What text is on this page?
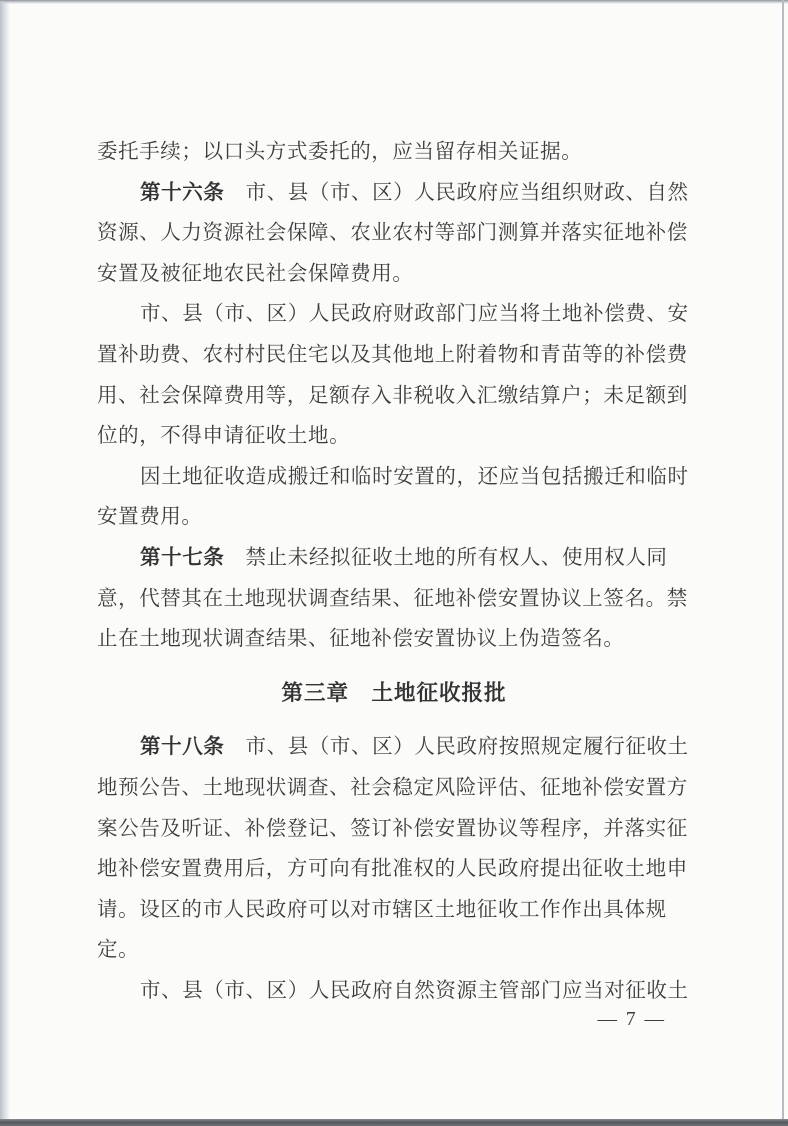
委托手续；以口头方式委托的，应当留存相关证据。
第十六条　 市、县（市、区）人民政府应当组织财政、自然
资源、人力资源社会保障、农业农村等部门测算并落实征地补偿
安置及被征地农民社会保障费用。
市、县（市、区）人民政府财政部门应当将土地补偿费、安
置补助费、农村村民住宅以及其他地上附着物和青苗等的补偿费
用、社会保障费用等，足额存入非税收入汇缴结算户；未足额到
位的，不得申请征收土地。
因土地征收造成搬迁和临时安置的，还应当包括搬迁和临时
安置费用。
第十七条　 禁止未经拟征收土地的所有权人、使用权人同
意，代替其在土地现状调查结果、征地补偿安置协议上签名。禁
止在土地现状调查结果、征地补偿安置协议上伪造签名。
第三章　土地征收报批
第十八条　 市、县（市、区）人民政府按照规定履行征收土
地预公告、土地现状调查、社会稳定风险评估、征地补偿安置方
案公告及听证、补偿登记、签订补偿安置协议等程序，并落实征
地补偿安置费用后，方可向有批准权的人民政府提出征收土地申
请。设区的市人民政府可以对市辖区土地征收工作作出具体规
定。
市、县（市、区）人民政府自然资源主管部门应当对征收土
— 7 —
